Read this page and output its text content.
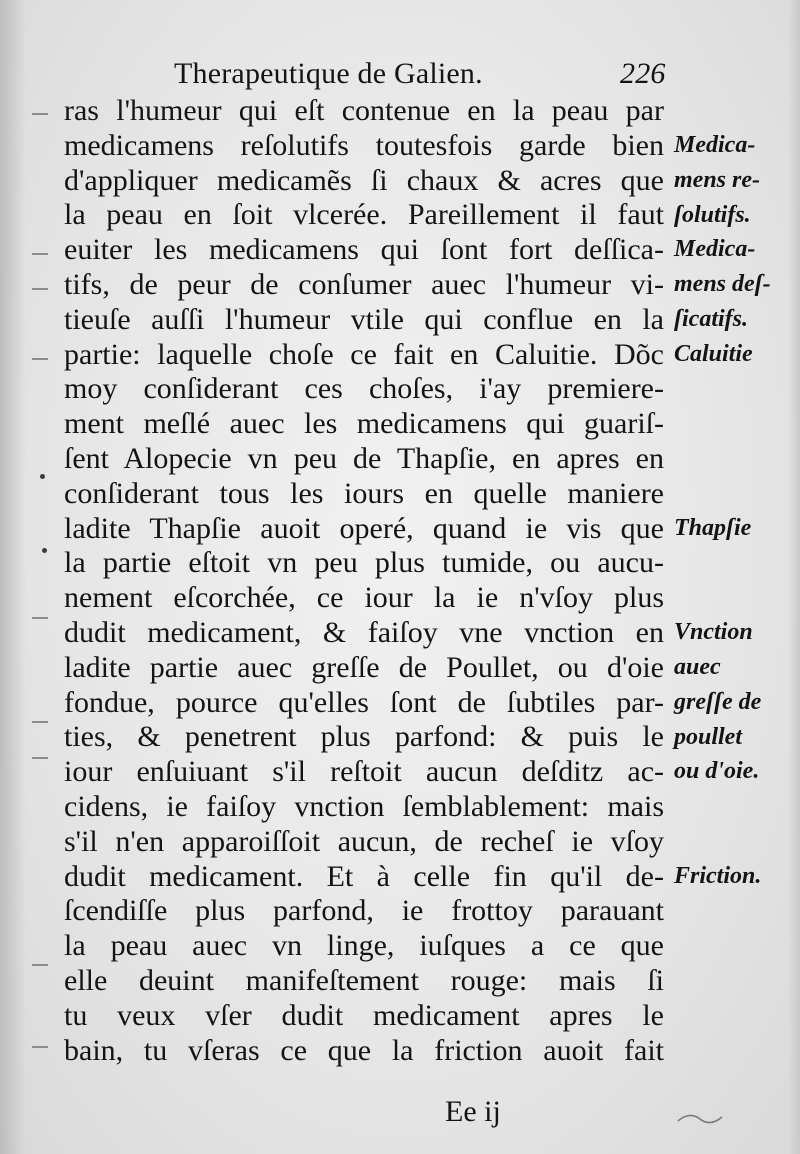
Therapeutique de Galien.	226
ras l'humeur qui eſt contenue en la peau par
medicamens reſolutifs toutesfois garde bien
d'appliquer medicamẽs ſi chaux & acres que
la peau en ſoit vlcerée. Pareillement il faut
euiter les medicamens qui ſont fort deſſica-
tifs, de peur de conſumer auec l'humeur vi-
tieuſe auſſi l'humeur vtile qui conflue en la
partie: laquelle choſe ce fait en Caluitie. Dõc
moy conſiderant ces choſes, i'ay premiere-
ment meſlé auec les medicamens qui guariſ-
ſent Alopecie vn peu de Thapſie, en apres en
conſiderant tous les iours en quelle maniere
ladite Thapſie auoit operé, quand ie vis que
la partie eſtoit vn peu plus tumide, ou aucu-
nement eſcorchée, ce iour la ie n'vſoy plus
dudit medicament, & faiſoy vne vnction en
ladite partie auec greſſe de Poullet, ou d'oie
fondue, pource qu'elles ſont de ſubtiles par-
ties, & penetrent plus parfond: & puis le
iour enſuiuant s'il reſtoit aucun deſditz ac-
cidens, ie faiſoy vnction ſemblablement: mais
s'il n'en apparoiſſoit aucun, de recheſ ie vſoy
dudit medicament. Et à celle fin qu'il de-
ſcendiſſe plus parfond, ie frottoy parauant
la peau auec vn linge, iuſques a ce que
elle deuint manifeſtement rouge: mais ſi
tu veux vſer dudit medicament apres le
bain, tu vſeras ce que la friction auoit fait
Medica-
mens re-
ſolutifs.
Medica-
mens deſ-
ſicatifs.
Caluitie
Thapſie
Vnction
auec
greſſe de
poullet
ou d'oie.
Friction.
Ee ij
